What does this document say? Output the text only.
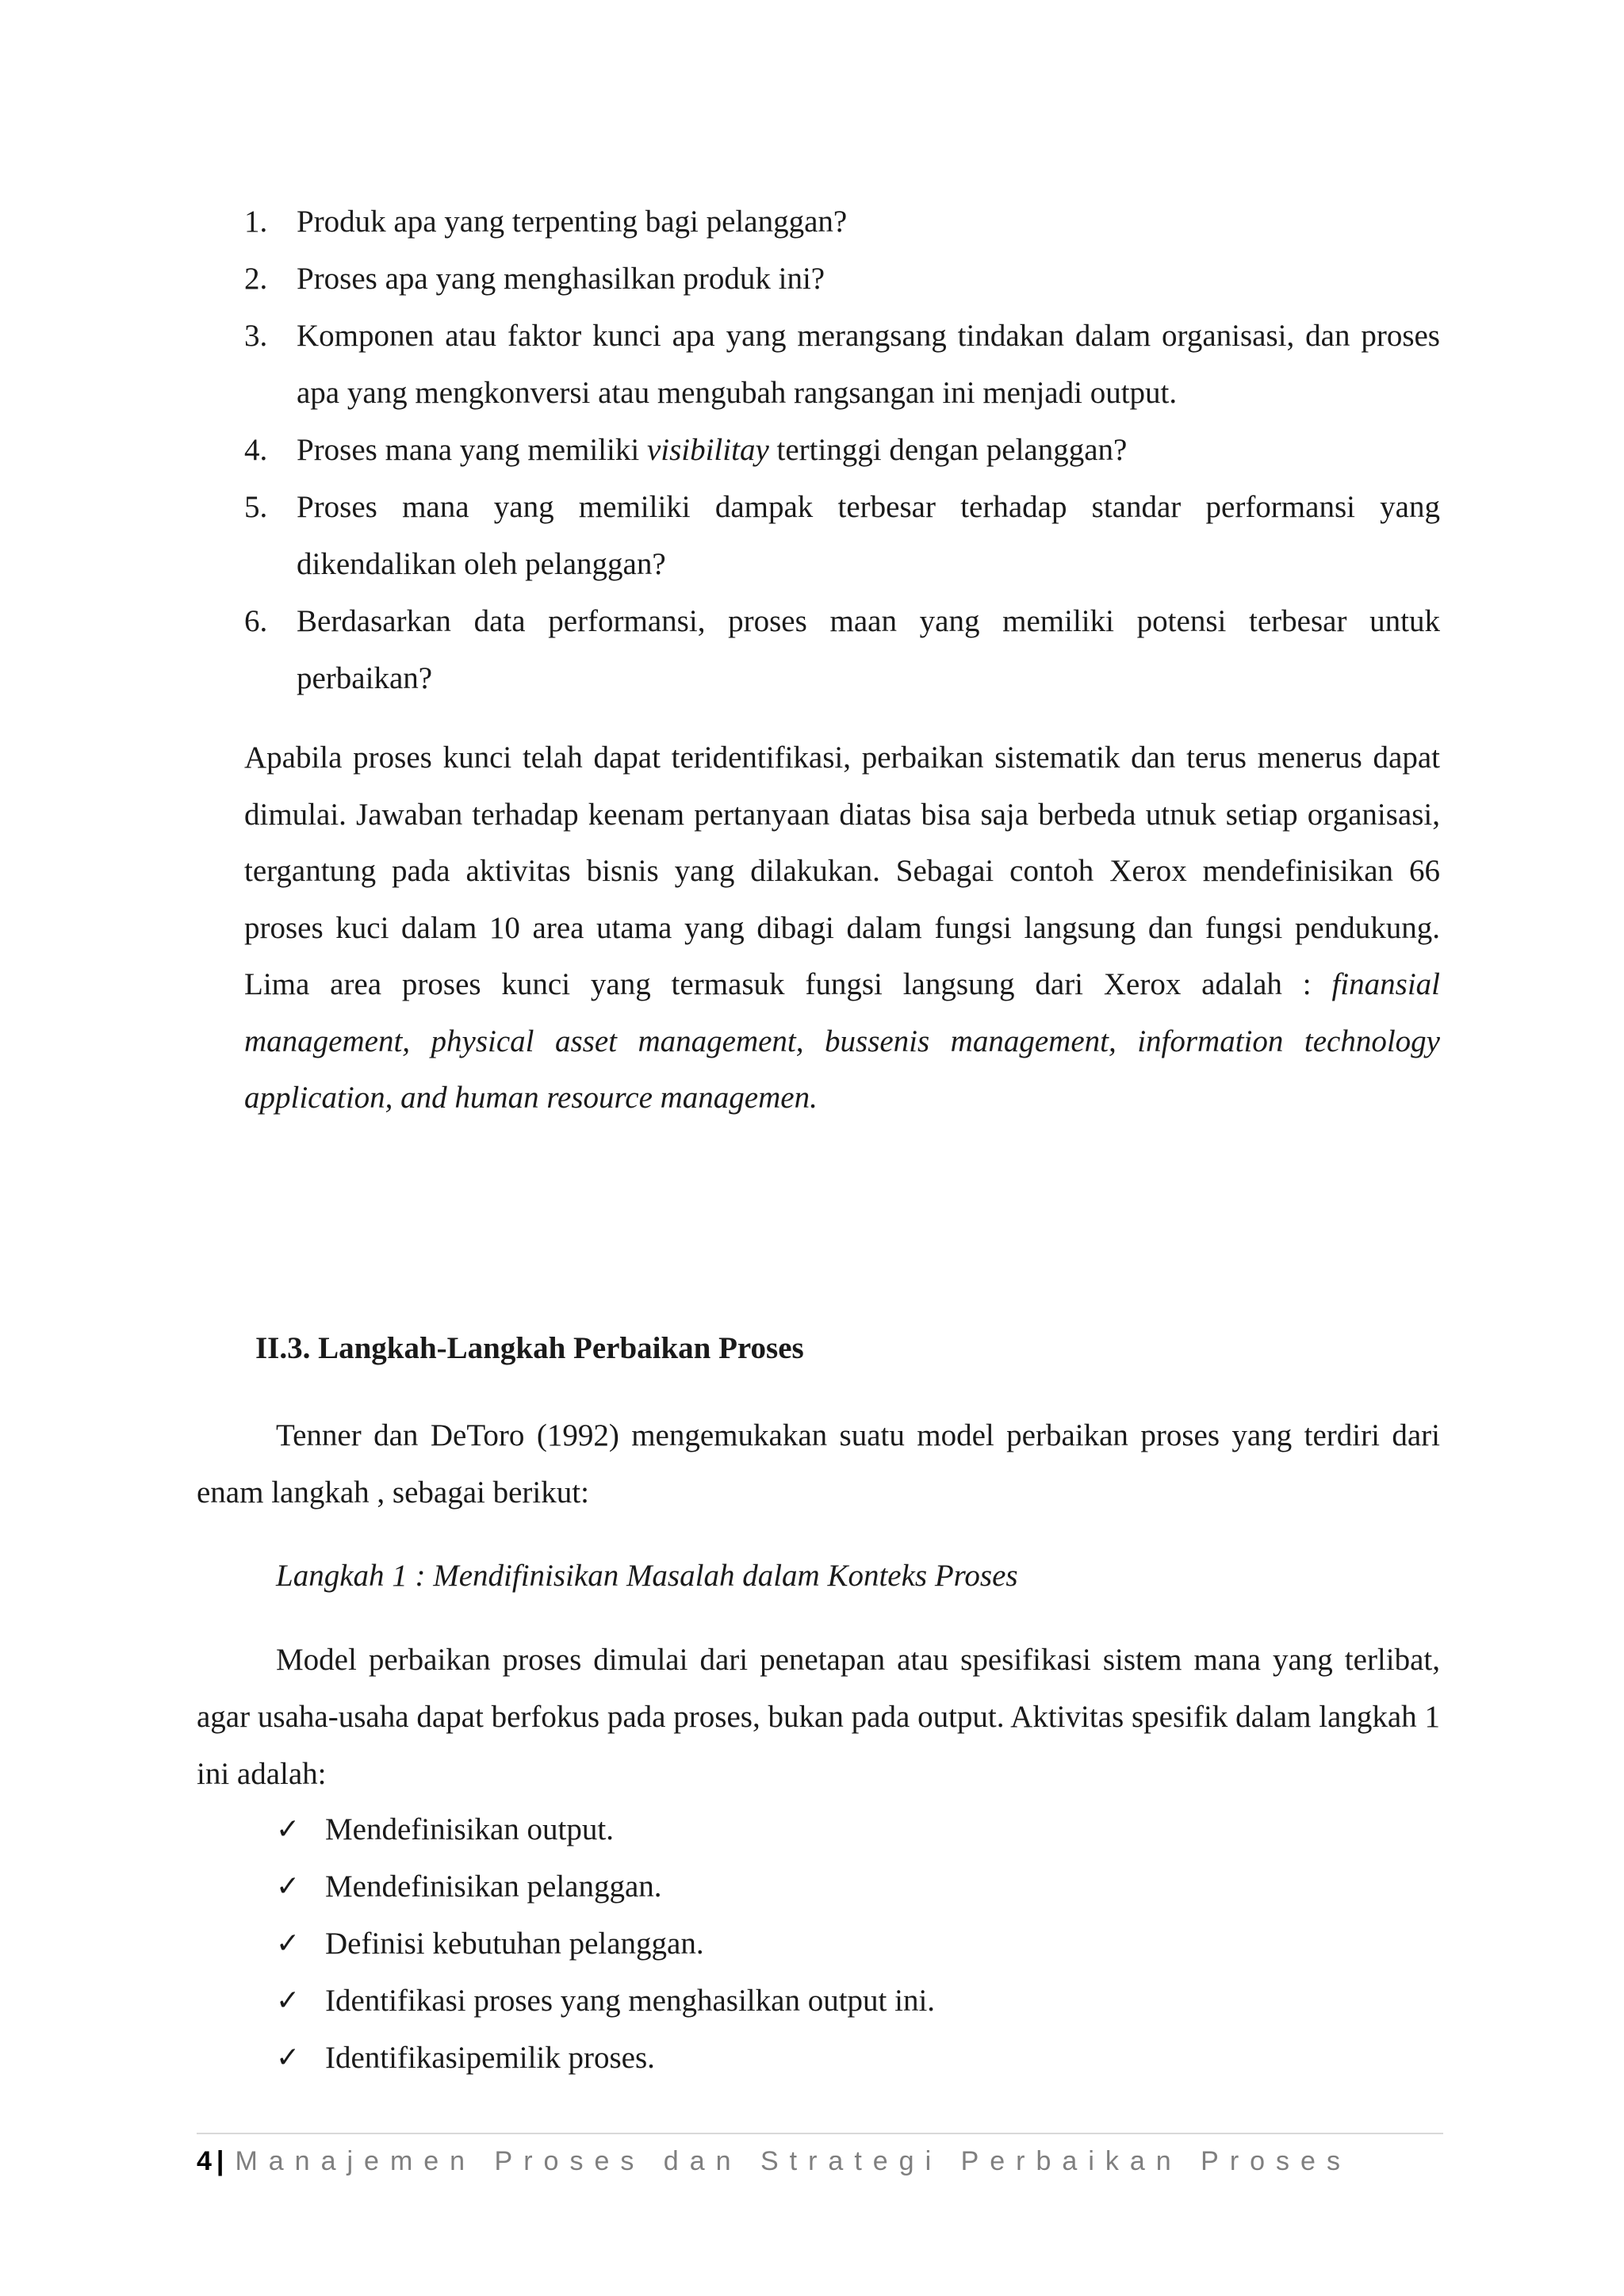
1. Produk apa yang terpenting bagi pelanggan?
2. Proses apa yang menghasilkan produk ini?
3. Komponen atau faktor kunci apa yang merangsang tindakan dalam organisasi, dan proses apa yang mengkonversi atau mengubah rangsangan ini menjadi output.
4. Proses mana yang memiliki visibilitay tertinggi dengan pelanggan?
5. Proses mana yang memiliki dampak terbesar terhadap standar performansi yang dikendalikan oleh pelanggan?
6. Berdasarkan data performansi, proses maan yang memiliki potensi terbesar untuk perbaikan?

Apabila proses kunci telah dapat teridentifikasi, perbaikan sistematik dan terus menerus dapat dimulai. Jawaban terhadap keenam pertanyaan diatas bisa saja berbeda utnuk setiap organisasi, tergantung pada aktivitas bisnis yang dilakukan. Sebagai contoh Xerox mendefinisikan 66 proses kuci dalam 10 area utama yang dibagi dalam fungsi langsung dan fungsi pendukung. Lima area proses kunci yang termasuk fungsi langsung dari Xerox adalah : finansial management, physical asset management, bussenis management, information technology application, and human resource managemen.

II.3. Langkah-Langkah Perbaikan Proses

Tenner dan DeToro (1992) mengemukakan suatu model perbaikan proses yang terdiri dari enam langkah , sebagai berikut:

Langkah 1 : Mendifinisikan Masalah dalam Konteks Proses

Model perbaikan proses dimulai dari penetapan atau spesifikasi sistem mana yang terlibat, agar usaha-usaha dapat berfokus pada proses, bukan pada output. Aktivitas spesifik dalam langkah 1 ini adalah:

✓ Mendefinisikan output.
✓ Mendefinisikan pelanggan.
✓ Definisi kebutuhan pelanggan.
✓ Identifikasi proses yang menghasilkan output ini.
✓ Identifikasipemilik proses.
4 | Manajemen Proses dan Strategi Perbaikan Proses
